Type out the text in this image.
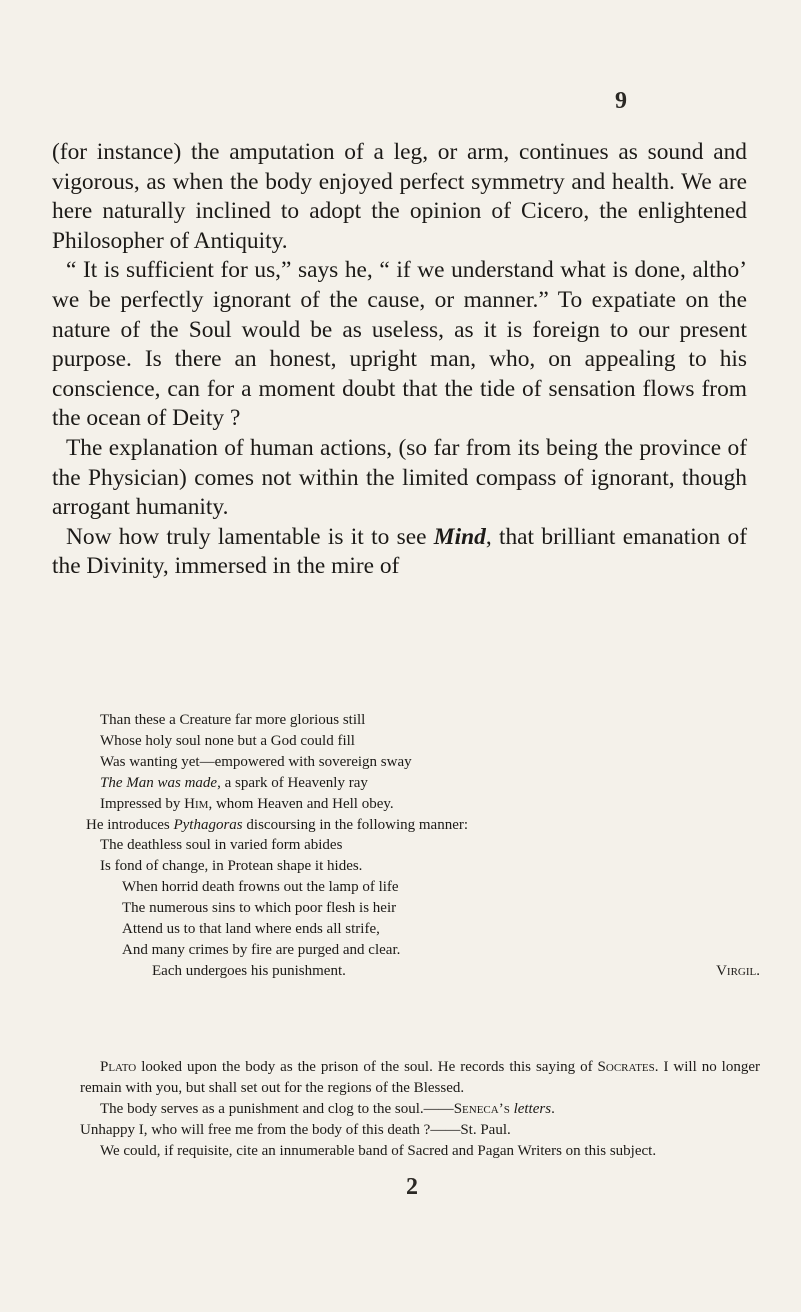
9

(for instance) the amputation of a leg, or arm, continues as sound and vigorous, as when the body enjoyed perfect symmetry and health. We are here naturally inclined to adopt the opinion of Cicero, the enlightened Philosopher of Antiquity.

“ It is sufficient for us,” says he, “ if we understand what is done, altho’ we be perfectly ignorant of the cause, or manner.” To expatiate on the nature of the Soul would be as useless, as it is foreign to our present purpose. Is there an honest, upright man, who, on appealing to his conscience, can for a moment doubt that the tide of sensation flows from the ocean of Deity ?

The explanation of human actions, (so far from its being the province of the Physician) comes not within the limited compass of ignorant, though arrogant humanity.

Now how truly lamentable is it to see Mind, that brilliant emanation of the Divinity, immersed in the mire of

Than these a Creature far more glorious still
Whose holy soul none but a God could fill
Was wanting yet—empowered with sovereign sway
The Man was made, a spark of Heavenly ray
Impressed by Him, whom Heaven and Hell obey.
He introduces Pythagoras discoursing in the following manner:
The deathless soul in varied form abides
Is fond of change, in Protean shape it hides.
When horrid death frowns out the lamp of life
The numerous sins to which poor flesh is heir
Attend us to that land where ends all strife,
And many crimes by fire are purged and clear.
Each undergoes his punishment.	Virgil.

Plato looked upon the body as the prison of the soul. He records this saying of Socrates. I will no longer remain with you, but shall set out for the regions of the Blessed.

The body serves as a punishment and clog to the soul.——Seneca’s letters.

Unhappy I, who will free me from the body of this death ?——St. Paul.

We could, if requisite, cite an innumerable band of Sacred and Pagan Writers on this subject.

2
